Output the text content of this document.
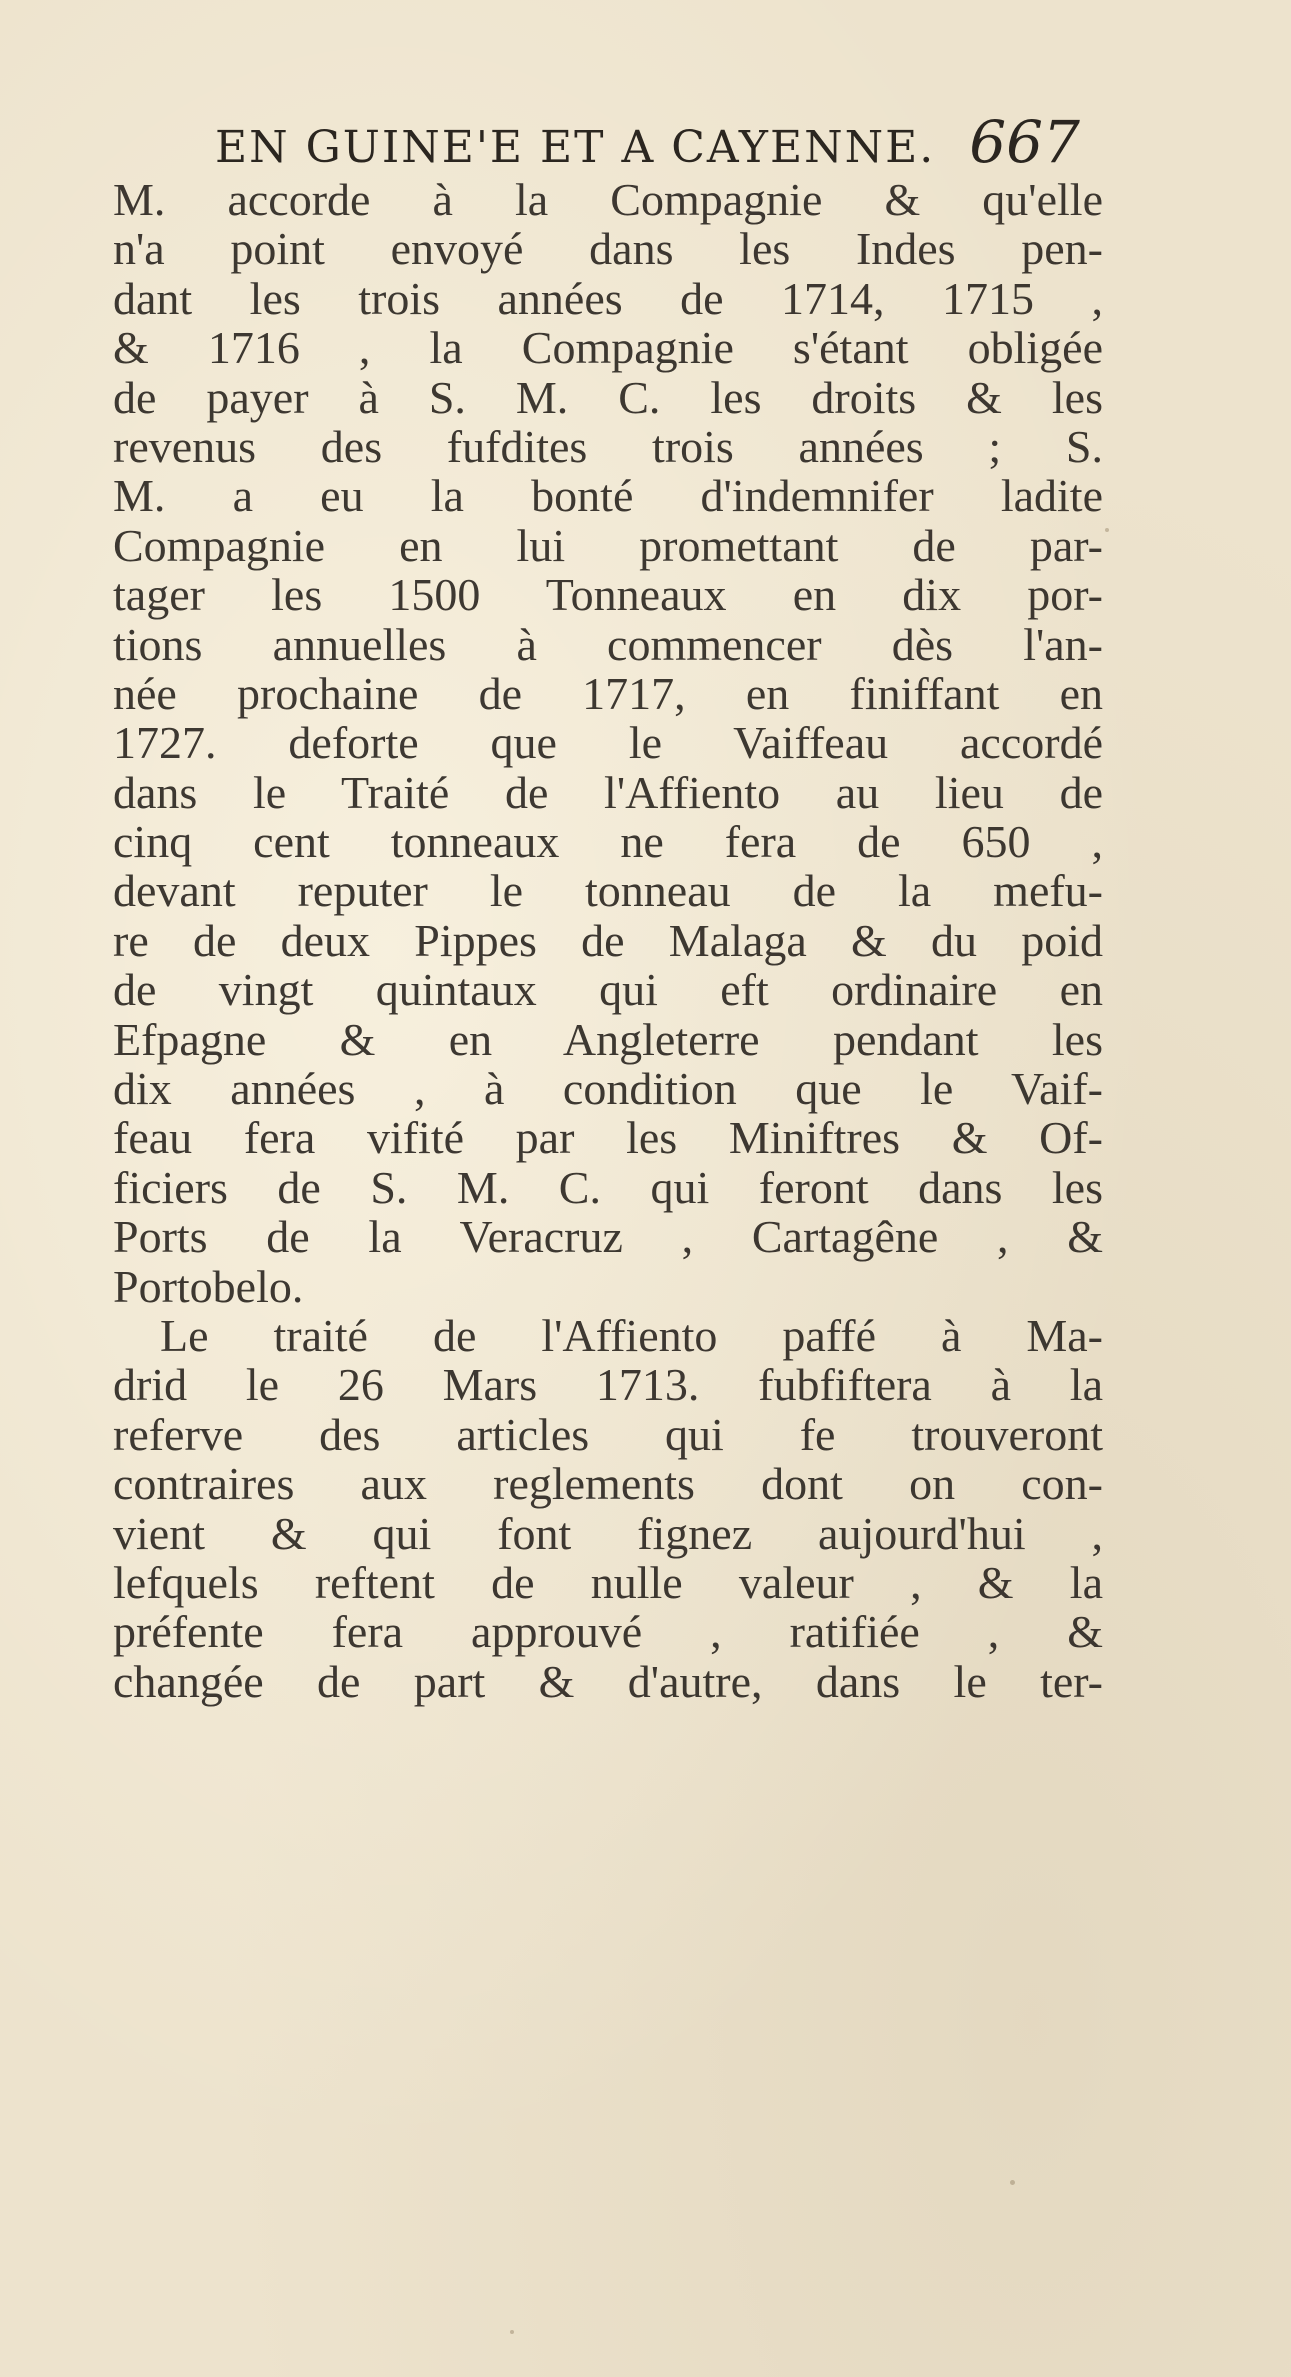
EN GUINE'E ET A CAYENNE. 667
M. accorde à la Compagnie & qu'elle
n'a point envoyé dans les Indes pen-
dant les trois années de 1714, 1715 ,
& 1716 , la Compagnie s'étant obligée
de payer à S. M. C. les droits & les
revenus des fufdites trois années ; S.
M. a eu la bonté d'indemnifer ladite
Compagnie en lui promettant de par-
tager les 1500 Tonneaux en dix por-
tions annuelles à commencer dès l'an-
née prochaine de 1717, en finiffant en
1727. deforte que le Vaiffeau accordé
dans le Traité de l'Affiento au lieu de
cinq cent tonneaux ne fera de 650 ,
devant reputer le tonneau de la mefu-
re de deux Pippes de Malaga & du poid
de vingt quintaux qui eft ordinaire en
Efpagne & en Angleterre pendant les
dix années , à condition que le Vaif-
feau fera vifité par les Miniftres & Of-
ficiers de S. M. C. qui feront dans les
Ports de la Veracruz , Cartagêne , &
Portobelo.
Le traité de l'Affiento paffé à Ma-
drid le 26 Mars 1713. fubfiftera à la
referve des articles qui fe trouveront
contraires aux reglements dont on con-
vient & qui font fignez aujourd'hui ,
lefquels reftent de nulle valeur , & la
préfente fera approuvé , ratifiée , &
changée de part & d'autre, dans le ter-
